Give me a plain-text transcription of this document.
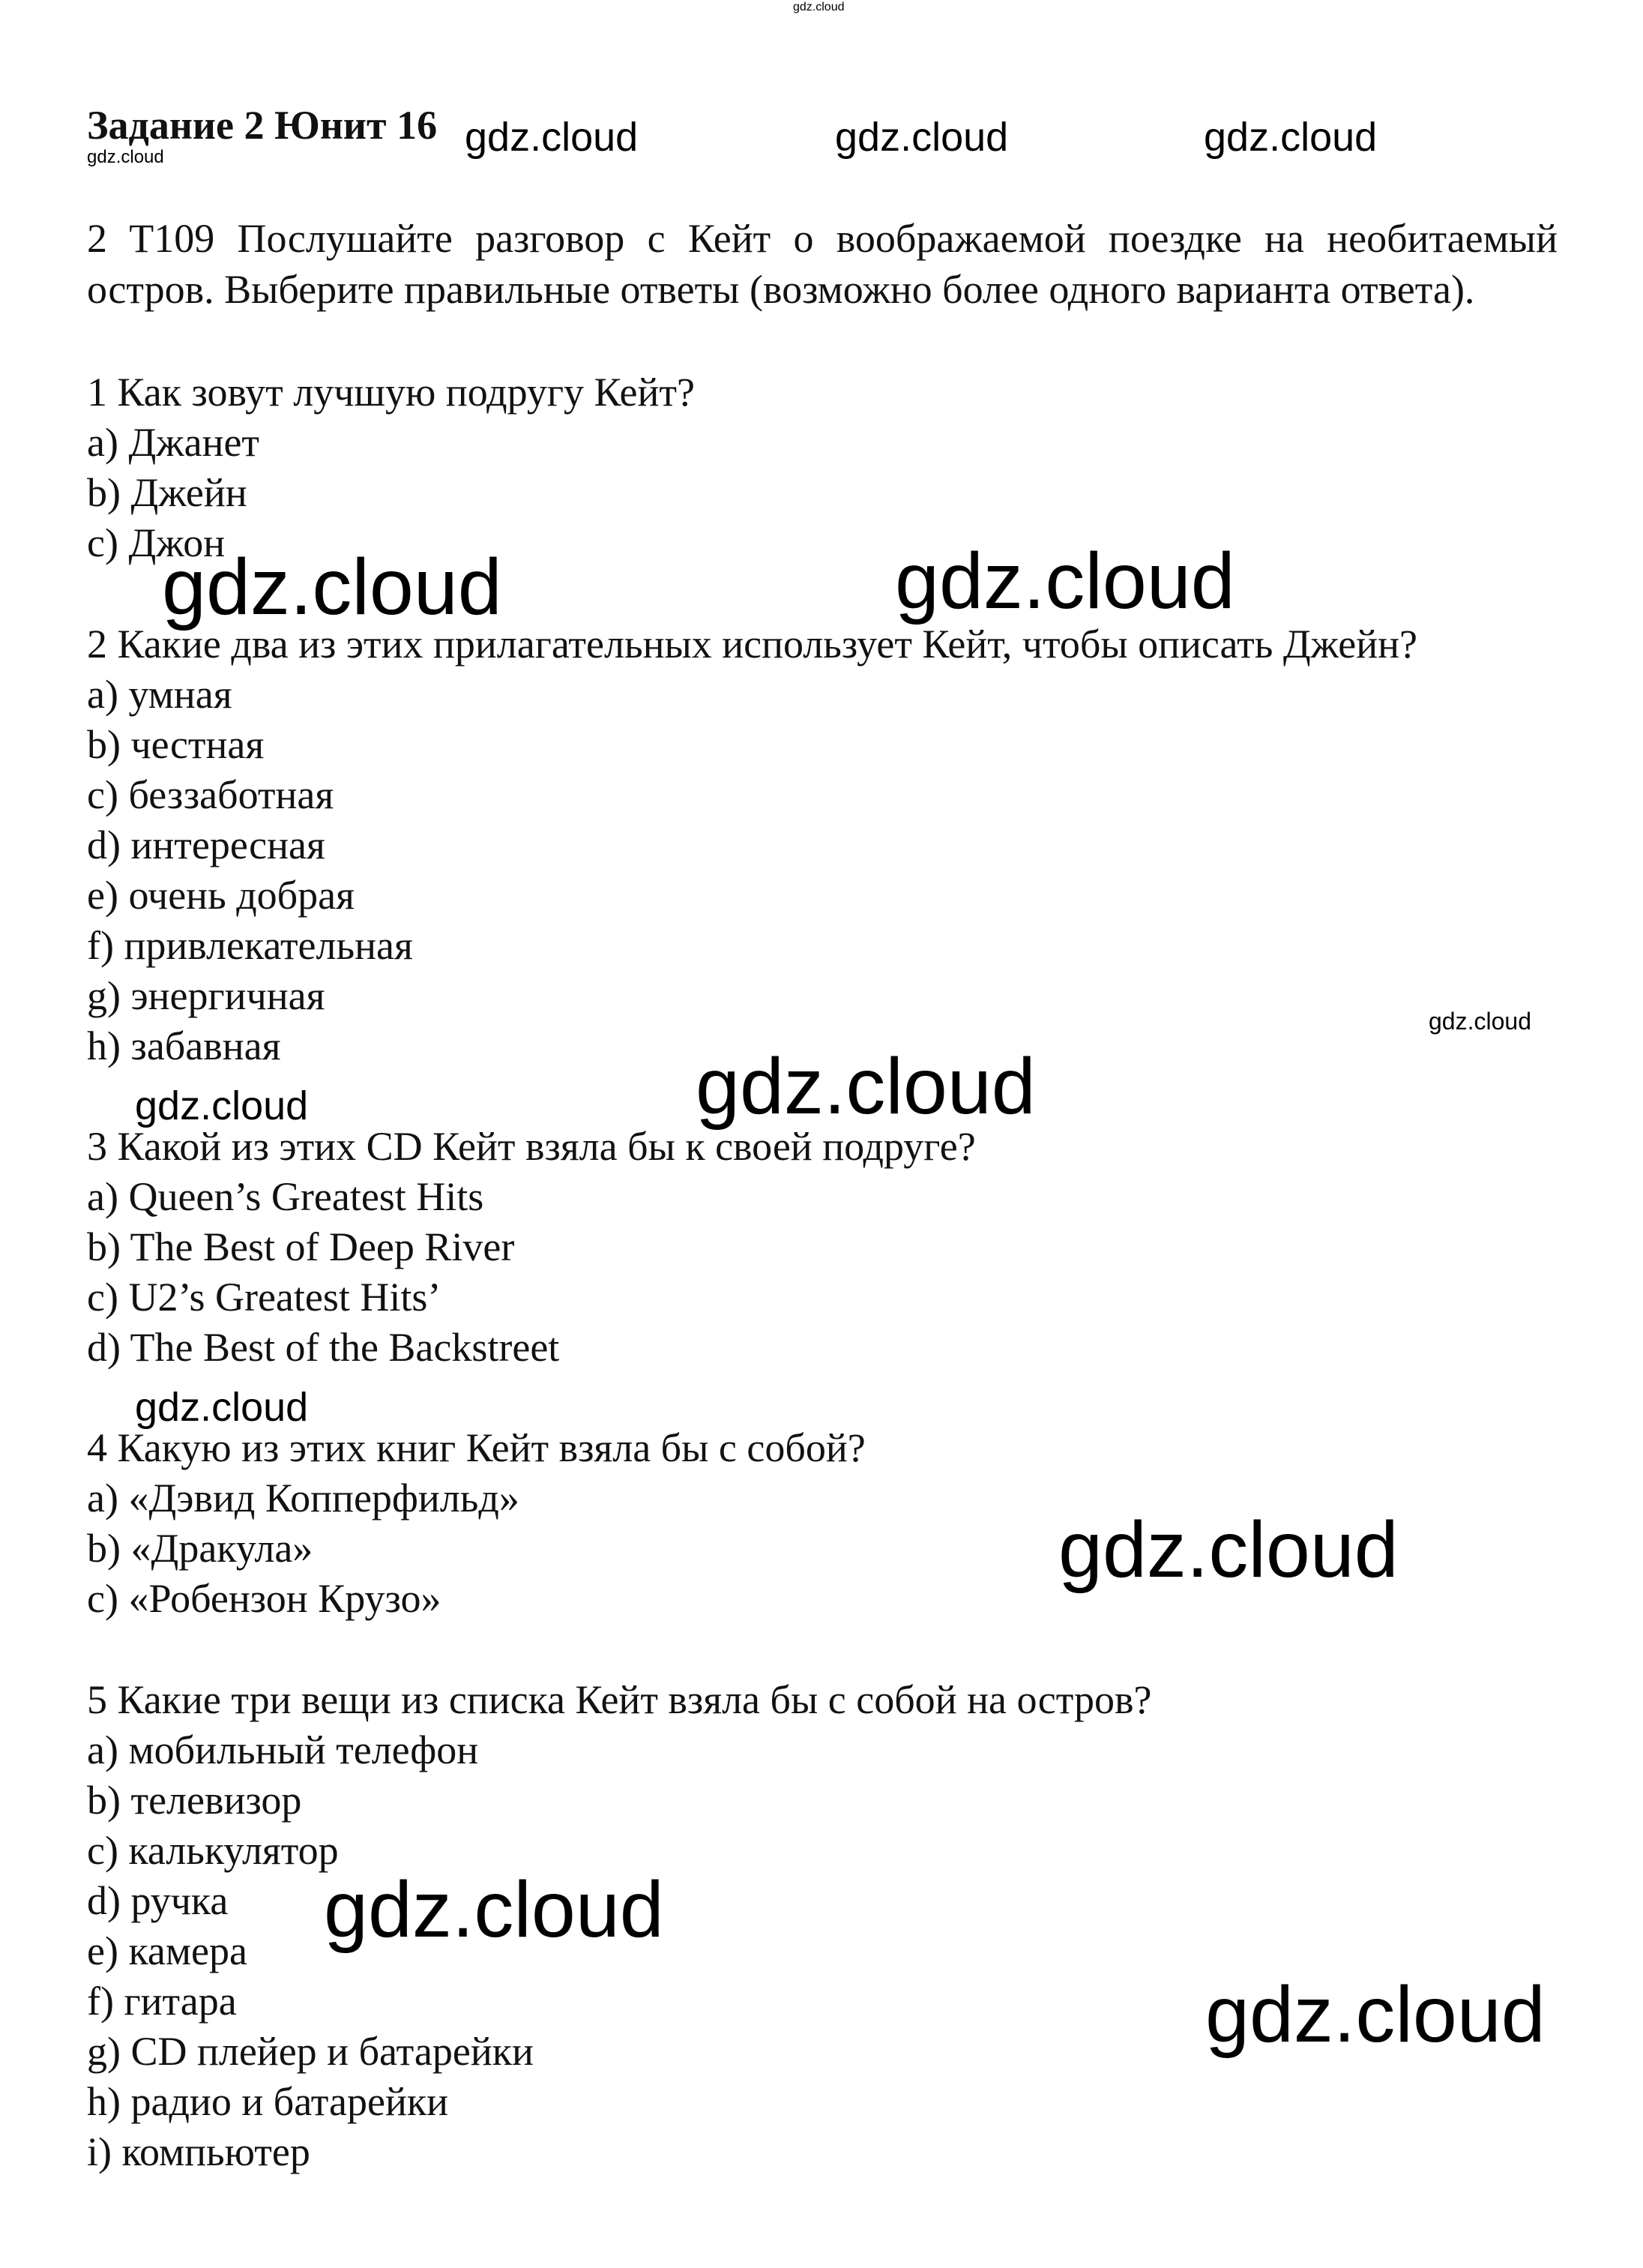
gdz.cloud
gdz.cloud	gdz.cloud	gdz.cloud
gdz.cloud
gdz.cloud	gdz.cloud
gdz.cloud
gdz.cloud
gdz.cloud
gdz.cloud
gdz.cloud
gdz.cloud
gdz.cloud
Задание 2 Юнит 16
2 T109 Послушайте разговор с Кейт о воображаемой поездке на необитаемый остров. Выберите правильные ответы (возможно более одного варианта ответа).
1 Как зовут лучшую подругу Кейт?
a) Джанет
b) Джейн
c) Джон
2 Какие два из этих прилагательных использует Кейт, чтобы описать Джейн?
a) умная
b) честная
c) беззаботная
d) интересная
e) очень добрая
f) привлекательная
g) энергичная
h) забавная
3 Какой из этих CD Кейт взяла бы к своей подруге?
a) Queen’s Greatest Hits
b) The Best of Deep River
c) U2’s Greatest Hits’
d) The Best of the Backstreet
4 Какую из этих книг Кейт взяла бы с собой?
a) «Дэвид Копперфильд»
b) «Дракула»
c) «Робензон Крузо»
5 Какие три вещи из списка Кейт взяла бы с собой на остров?
a) мобильный телефон
b) телевизор
c) калькулятор
d) ручка
e) камера
f) гитара
g) CD плейер и батарейки
h) радио и батарейки
i) компьютер
